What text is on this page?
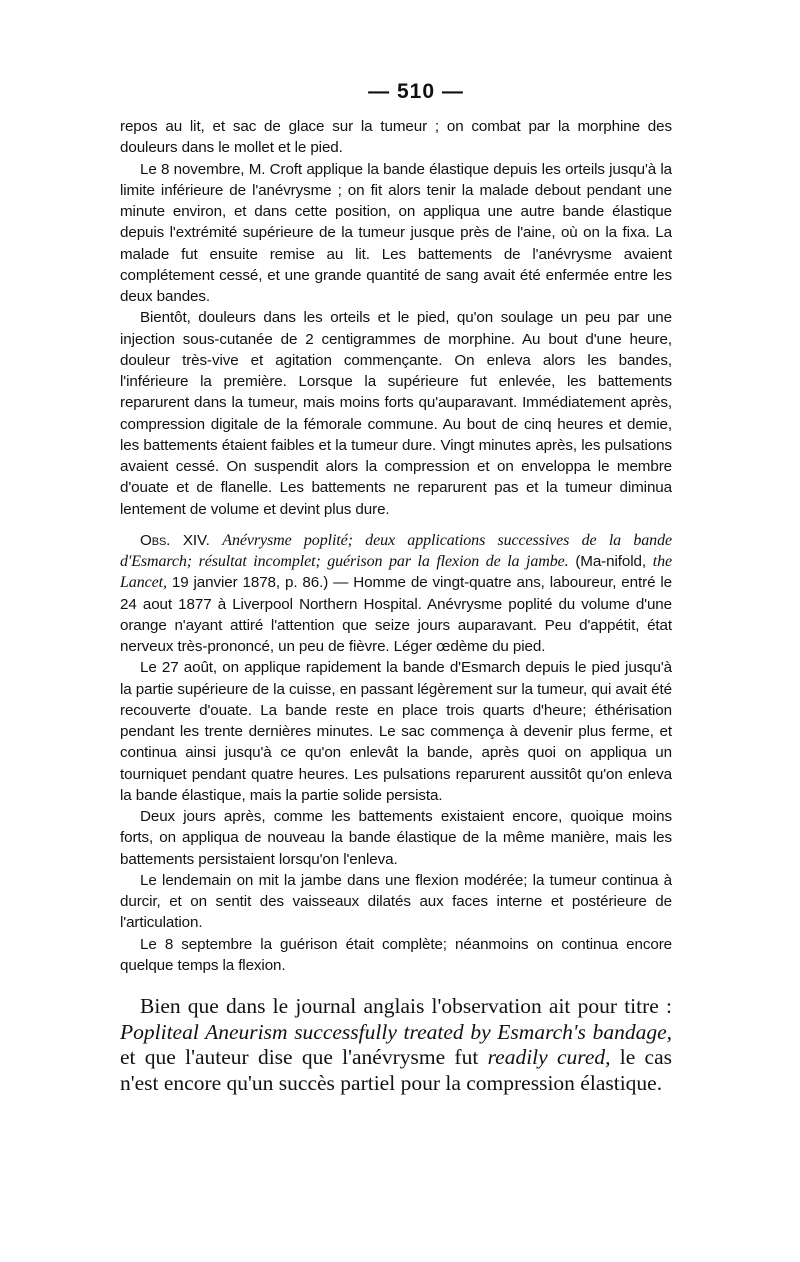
— 510 —

repos au lit, et sac de glace sur la tumeur ; on combat par la morphine des douleurs dans le mollet et le pied.

Le 8 novembre, M. Croft applique la bande élastique depuis les orteils jusqu'à la limite inférieure de l'anévrysme ; on fit alors tenir la malade debout pendant une minute environ, et dans cette position, on appliqua une autre bande élastique depuis l'extrémité supérieure de la tumeur jusque près de l'aine, où on la fixa. La malade fut ensuite remise au lit. Les battements de l'anévrysme avaient complétement cessé, et une grande quantité de sang avait été enfermée entre les deux bandes.

Bientôt, douleurs dans les orteils et le pied, qu'on soulage un peu par une injection sous-cutanée de 2 centigrammes de morphine. Au bout d'une heure, douleur très-vive et agitation commençante. On enleva alors les bandes, l'inférieure la première. Lorsque la supérieure fut enlevée, les battements reparurent dans la tumeur, mais moins forts qu'auparavant. Immédiatement après, compression digitale de la fémorale commune. Au bout de cinq heures et demie, les battements étaient faibles et la tumeur dure. Vingt minutes après, les pulsations avaient cessé. On suspendit alors la compression et on enveloppa le membre d'ouate et de flanelle. Les battements ne reparurent pas et la tumeur diminua lentement de volume et devint plus dure.

Obs. XIV. Anévrysme poplité; deux applications successives de la bande d'Esmarch; résultat incomplet; guérison par la flexion de la jambe. (Ma-nifold, the Lancet, 19 janvier 1878, p. 86.) — Homme de vingt-quatre ans, laboureur, entré le 24 aout 1877 à Liverpool Northern Hospital. Anévrysme poplité du volume d'une orange n'ayant attiré l'attention que seize jours auparavant. Peu d'appétit, état nerveux très-prononcé, un peu de fièvre. Léger œdème du pied.

Le 27 août, on applique rapidement la bande d'Esmarch depuis le pied jusqu'à la partie supérieure de la cuisse, en passant légèrement sur la tumeur, qui avait été recouverte d'ouate. La bande reste en place trois quarts d'heure; éthérisation pendant les trente dernières minutes. Le sac commença à devenir plus ferme, et continua ainsi jusqu'à ce qu'on enlevât la bande, après quoi on appliqua un tourniquet pendant quatre heures. Les pulsations reparurent aussitôt qu'on enleva la bande élastique, mais la partie solide persista.

Deux jours après, comme les battements existaient encore, quoique moins forts, on appliqua de nouveau la bande élastique de la même manière, mais les battements persistaient lorsqu'on l'enleva.

Le lendemain on mit la jambe dans une flexion modérée; la tumeur continua à durcir, et on sentit des vaisseaux dilatés aux faces interne et postérieure de l'articulation.

Le 8 septembre la guérison était complète; néanmoins on continua encore quelque temps la flexion.

Bien que dans le journal anglais l'observation ait pour titre : Popliteal Aneurism successfully treated by Esmarch's bandage, et que l'auteur dise que l'anévrysme fut readily cured, le cas n'est encore qu'un succès partiel pour la compression élastique.
